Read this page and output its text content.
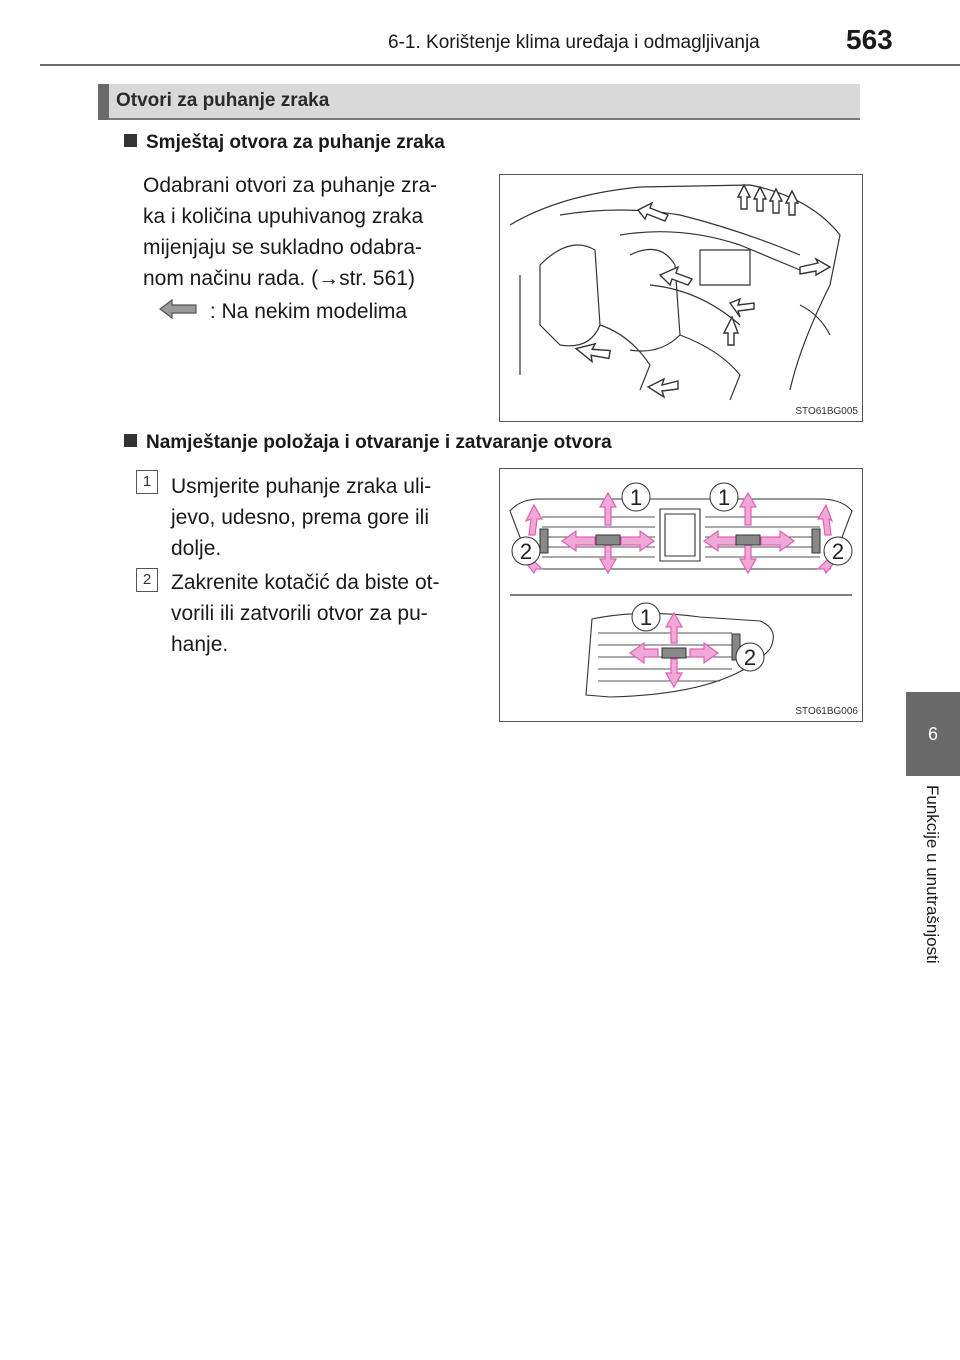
6-1. Korištenje klima uređaja i odmagljivanja	563
6
Funkcije u unutrašnjosti
Otvori za puhanje zraka
Smještaj otvora za puhanje zraka
Odabrani otvori za puhanje zra-
ka i količina upuhivanog zraka
mijenjaju se sukladno odabra-
nom načinu rada. (→str. 561)
: Na nekim modelima
STO61BG005
Namještanje položaja i otvaranje i zatvaranje otvora
1 Usmjerite puhanje zraka uli-
jevo, udesno, prema gore ili
dolje.
2 Zakrenite kotačić da biste ot-
vorili ili zatvorili otvor za pu-
hanje.
1	1
2	2
1
2
STO61BG006
